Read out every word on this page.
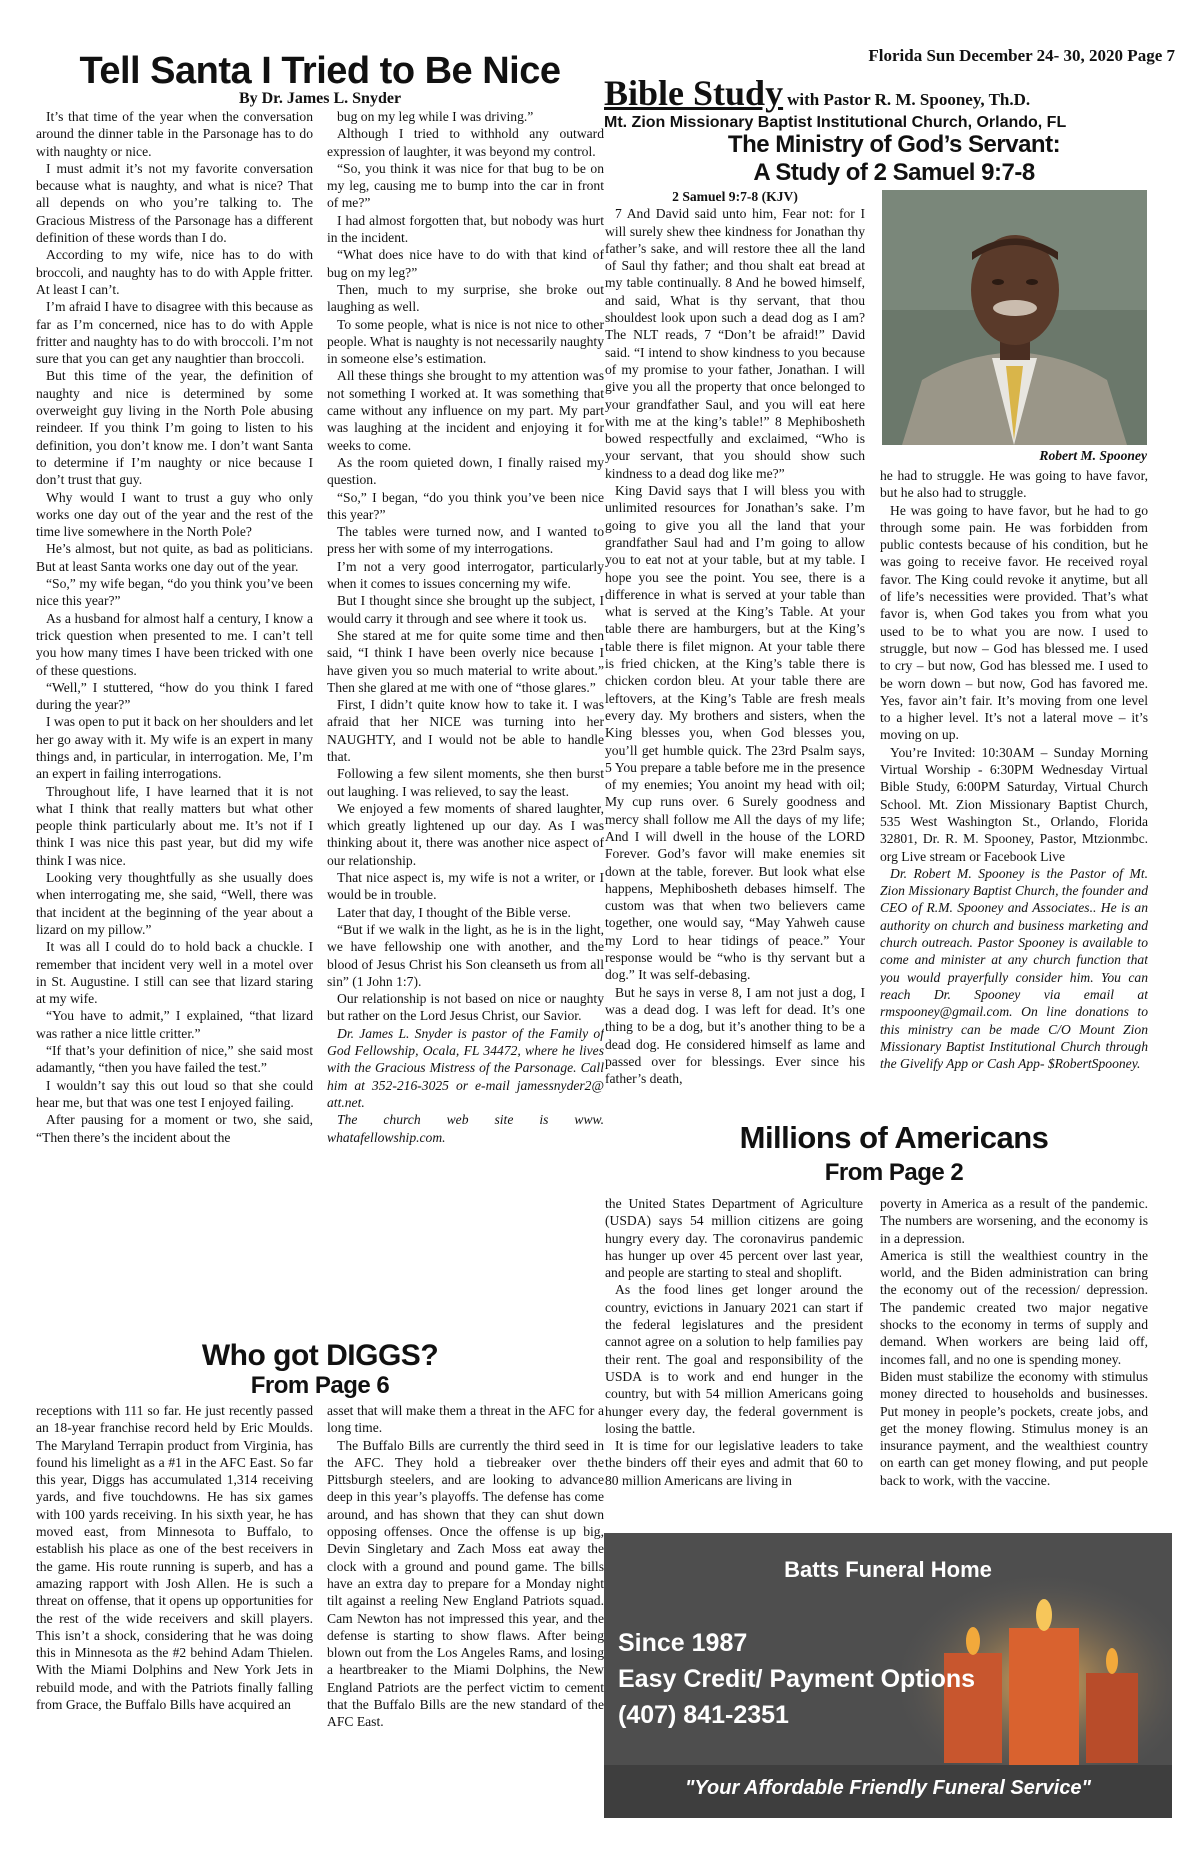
Florida Sun December 24- 30, 2020 Page 7
Tell Santa I Tried to Be Nice
By Dr. James L. Snyder

It’s that time of the year when the conversation around the dinner table in the Parsonage has to do with naughty or nice.

I must admit it’s not my favorite conversation because what is naughty, and what is nice? That all depends on who you’re talking to. The Gracious Mistress of the Parsonage has a different definition of these words than I do.

According to my wife, nice has to do with broccoli, and naughty has to do with Apple fritter. At least I can’t.

I’m afraid I have to disagree with this because as far as I’m concerned, nice has to do with Apple fritter and naughty has to do with broccoli. I’m not sure that you can get any naughtier than broccoli.

But this time of the year, the definition of naughty and nice is determined by some overweight guy living in the North Pole abusing reindeer. If you think I’m going to listen to his definition, you don’t know me. I don’t want Santa to determine if I’m naughty or nice because I don’t trust that guy.

Why would I want to trust a guy who only works one day out of the year and the rest of the time live somewhere in the North Pole?

He’s almost, but not quite, as bad as politicians. But at least Santa works one day out of the year.

“So,” my wife began, “do you think you’ve been nice this year?”

As a husband for almost half a century, I know a trick question when presented to me. I can’t tell you how many times I have been tricked with one of these questions.

“Well,” I stuttered, “how do you think I fared during the year?”

I was open to put it back on her shoulders and let her go away with it. My wife is an expert in many things and, in particular, in interrogation. Me, I’m an expert in failing interrogations.

Throughout life, I have learned that it is not what I think that really matters but what other people think particularly about me. It’s not if I think I was nice this past year, but did my wife think I was nice.

Looking very thoughtfully as she usually does when interrogating me, she said, “Well, there was that incident at the beginning of the year about a lizard on my pillow.”

It was all I could do to hold back a chuckle. I remember that incident very well in a motel over in St. Augustine. I still can see that lizard staring at my wife.

“You have to admit,” I explained, “that lizard was rather a nice little critter.”

“If that’s your definition of nice,” she said most adamantly, “then you have failed the test.”

I wouldn’t say this out loud so that she could hear me, but that was one test I enjoyed failing.

After pausing for a moment or two, she said, “Then there’s the incident about the

bug on my leg while I was driving.”

Although I tried to withhold any outward expression of laughter, it was beyond my control.

“So, you think it was nice for that bug to be on my leg, causing me to bump into the car in front of me?”

I had almost forgotten that, but nobody was hurt in the incident.

“What does nice have to do with that kind of bug on my leg?”

Then, much to my surprise, she broke out laughing as well.

To some people, what is nice is not nice to other people. What is naughty is not necessarily naughty in someone else’s estimation.

All these things she brought to my attention was not something I worked at. It was something that came without any influence on my part. My part was laughing at the incident and enjoying it for weeks to come.

As the room quieted down, I finally raised my question.

“So,” I began, “do you think you’ve been nice this year?”

The tables were turned now, and I wanted to press her with some of my interrogations.

I’m not a very good interrogator, particularly when it comes to issues concerning my wife.

But I thought since she brought up the subject, I would carry it through and see where it took us.

She stared at me for quite some time and then said, “I think I have been overly nice because I have given you so much material to write about.” Then she glared at me with one of “those glares.”

First, I didn’t quite know how to take it. I was afraid that her NICE was turning into her NAUGHTY, and I would not be able to handle that.

Following a few silent moments, she then burst out laughing. I was relieved, to say the least.

We enjoyed a few moments of shared laughter, which greatly lightened up our day. As I was thinking about it, there was another nice aspect of our relationship.

That nice aspect is, my wife is not a writer, or I would be in trouble.

Later that day, I thought of the Bible verse.

“But if we walk in the light, as he is in the light, we have fellowship one with another, and the blood of Jesus Christ his Son cleanseth us from all sin” (1 John 1:7).

Our relationship is not based on nice or naughty but rather on the Lord Jesus Christ, our Savior.

Dr. James L. Snyder is pastor of the Family of God Fellowship, Ocala, FL 34472, where he lives with the Gracious Mistress of the Parsonage. Call him at 352-216-3025 or e-mail jamessnyder2@ att.net.

The church web site is www. whatafellowship.com.

Who got DIGGS?
From Page 6

receptions with 111 so far. He just recently passed an 18-year franchise record held by Eric Moulds. The Maryland Terrapin product from Virginia, has found his limelight as a #1 in the AFC East. So far this year, Diggs has accumulated 1,314 receiving yards, and five touchdowns. He has six games with 100 yards receiving. In his sixth year, he has moved east, from Minnesota to Buffalo, to establish his place as one of the best receivers in the game. His route running is superb, and has a amazing rapport with Josh Allen. He is such a threat on offense, that it opens up opportunities for the rest of the wide receivers and skill players. This isn’t a shock, considering that he was doing this in Minnesota as the #2 behind Adam Thielen. With the Miami Dolphins and New York Jets in rebuild mode, and with the Patriots finally falling from Grace, the Buffalo Bills have acquired an

asset that will make them a threat in the AFC for a long time.

The Buffalo Bills are currently the third seed in the AFC. They hold a tiebreaker over the Pittsburgh steelers, and are looking to advance deep in this year’s playoffs. The defense has come around, and has shown that they can shut down opposing offenses. Once the offense is up big, Devin Singletary and Zach Moss eat away the clock with a ground and pound game. The bills have an extra day to prepare for a Monday night tilt against a reeling New England Patriots squad. Cam Newton has not impressed this year, and the defense is starting to show flaws. After being blown out from the Los Angeles Rams, and losing a heartbreaker to the Miami Dolphins, the New England Patriots are the perfect victim to cement that the Buffalo Bills are the new standard of the AFC East.

Bible Study with Pastor R. M. Spooney, Th.D.
Mt. Zion Missionary Baptist Institutional Church, Orlando, FL
The Ministry of God’s Servant:
A Study of 2 Samuel 9:7-8
2 Samuel 9:7-8 (KJV)

7 And David said unto him, Fear not: for I will surely shew thee kindness for Jonathan thy father’s sake, and will restore thee all the land of Saul thy father; and thou shalt eat bread at my table continually. 8 And he bowed himself, and said, What is thy servant, that thou shouldest look upon such a dead dog as I am? The NLT reads, 7 “Don’t be afraid!” David said. “I intend to show kindness to you because of my promise to your father, Jonathan. I will give you all the property that once belonged to your grandfather Saul, and you will eat here with me at the king’s table!” 8 Mephibosheth bowed respectfully and exclaimed, “Who is your servant, that you should show such kindness to a dead dog like me?”

King David says that I will bless you with unlimited resources for Jonathan’s sake. I’m going to give you all the land that your grandfather Saul had and I’m going to allow you to eat not at your table, but at my table. I hope you see the point. You see, there is a difference in what is served at your table than what is served at the King’s Table. At your table there are hamburgers, but at the King’s table there is filet mignon. At your table there is fried chicken, at the King’s table there is chicken cordon bleu. At your table there are leftovers, at the King’s Table are fresh meals every day. My brothers and sisters, when the King blesses you, when God blesses you, you’ll get humble quick. The 23rd Psalm says, 5 You prepare a table before me in the presence of my enemies; You anoint my head with oil; My cup runs over. 6 Surely goodness and mercy shall follow me All the days of my life; And I will dwell in the house of the LORD Forever. God’s favor will make enemies sit down at the table, forever. But look what else happens, Mephibosheth debases himself. The custom was that when two believers came together, one would say, “May Yahweh cause my Lord to hear tidings of peace.” Your response would be “who is thy servant but a dog.” It was self-debasing.

But he says in verse 8, I am not just a dog, I was a dead dog. I was left for dead. It’s one thing to be a dog, but it’s another thing to be a dead dog. He considered himself as lame and passed over for blessings. Ever since his father’s death,

Robert M. Spooney

he had to struggle. He was going to have favor, but he also had to struggle.

He was going to have favor, but he had to go through some pain. He was forbidden from public contests because of his condition, but he was going to receive favor. He received royal favor. The King could revoke it anytime, but all of life’s necessities were provided. That’s what favor is, when God takes you from what you used to be to what you are now. I used to struggle, but now – God has blessed me. I used to cry – but now, God has blessed me. I used to be worn down – but now, God has favored me. Yes, favor ain’t fair. It’s moving from one level to a higher level. It’s not a lateral move – it’s moving on up.

You’re Invited: 10:30AM – Sunday Morning Virtual Worship - 6:30PM Wednesday Virtual Bible Study, 6:00PM Saturday, Virtual Church School. Mt. Zion Missionary Baptist Church, 535 West Washington St., Orlando, Florida 32801, Dr. R. M. Spooney, Pastor, Mtzionmbc. org Live stream or Facebook Live

Dr. Robert M. Spooney is the Pastor of Mt. Zion Missionary Baptist Church, the founder and CEO of R.M. Spooney and Associates.. He is an authority on church and business marketing and church outreach. Pastor Spooney is available to come and minister at any church function that you would prayerfully consider him. You can reach Dr. Spooney via email at rmspooney@gmail.com. On line donations to this ministry can be made C/O Mount Zion Missionary Baptist Institutional Church through the Givelify App or Cash App- $RobertSpooney.

Millions of Americans
From Page 2

the United States Department of Agriculture (USDA) says 54 million citizens are going hungry every day. The coronavirus pandemic has hunger up over 45 percent over last year, and people are starting to steal and shoplift.

As the food lines get longer around the country, evictions in January 2021 can start if the federal legislatures and the president cannot agree on a solution to help families pay their rent. The goal and responsibility of the USDA is to work and end hunger in the country, but with 54 million Americans going hunger every day, the federal government is losing the battle.

It is time for our legislative leaders to take the binders off their eyes and admit that 60 to 80 million Americans are living in

poverty in America as a result of the pandemic. The numbers are worsening, and the economy is in a depression.

America is still the wealthiest country in the world, and the Biden administration can bring the economy out of the recession/ depression. The pandemic created two major negative shocks to the economy in terms of supply and demand. When workers are being laid off, incomes fall, and no one is spending money.

Biden must stabilize the economy with stimulus money directed to households and businesses. Put money in people’s pockets, create jobs, and get the money flowing. Stimulus money is an insurance payment, and the wealthiest country on earth can get money flowing, and put people back to work, with the vaccine.

Batts Funeral Home
Since 1987
Easy Credit/ Payment Options
(407) 841-2351
"Your Affordable Friendly Funeral Service"
